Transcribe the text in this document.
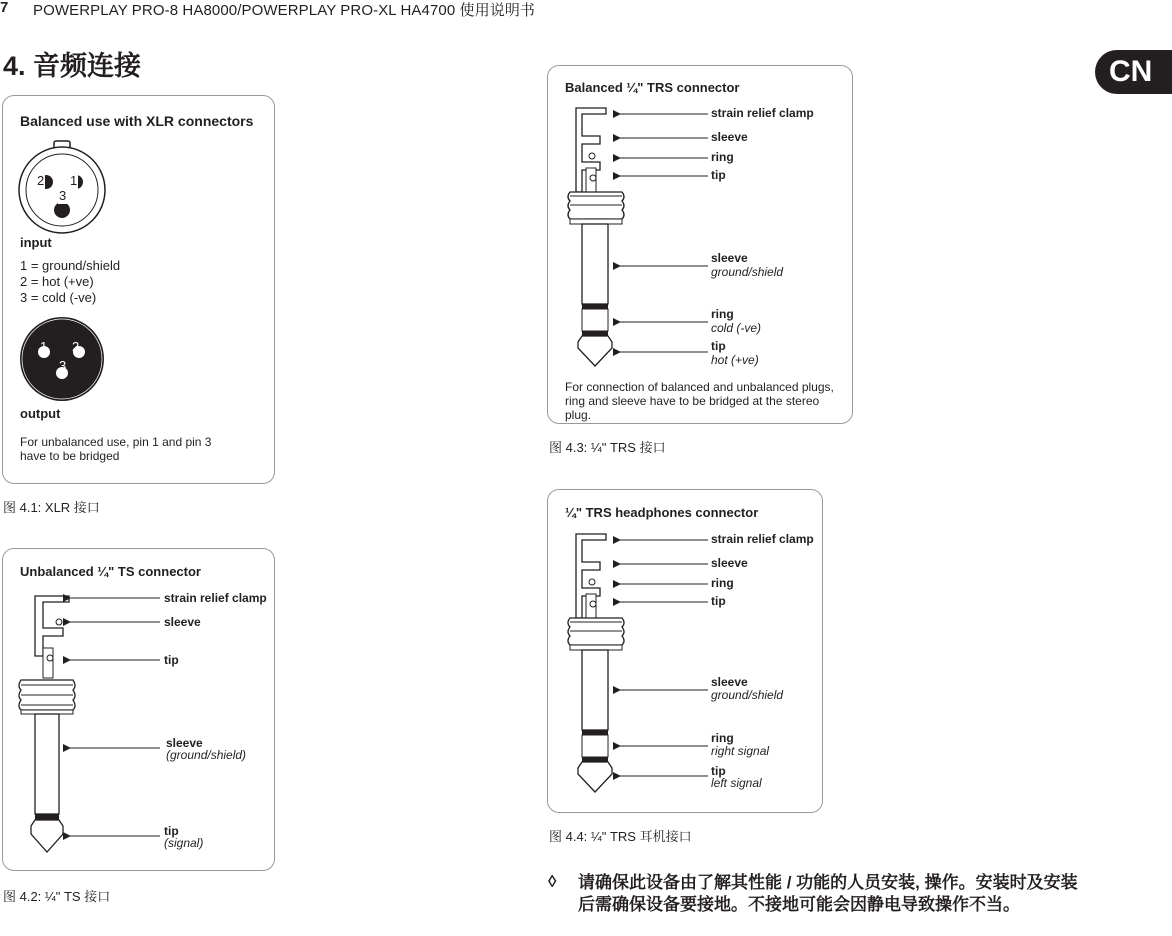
7 POWERPLAY PRO-8 HA8000/POWERPLAY PRO-XL HA4700 使用说明书
4. 音频连接	CN
Balanced use with XLR connectors
2 1
3
input
1 = ground/shield
2 = hot (+ve)
3 = cold (-ve)
1 2
3
output
For unbalanced use, pin 1 and pin 3 have to be bridged
图 4.1: XLR 接口
Unbalanced ¼" TS connector
strain relief clamp
sleeve
tip
sleeve
(ground/shield)
tip
(signal)
图 4.2: ¼" TS 接口
Balanced ¼" TRS connector
strain relief clamp
sleeve
ring
tip
sleeve
ground/shield
ring
cold (-ve)
tip
hot (+ve)
For connection of balanced and unbalanced plugs, ring and sleeve have to be bridged at the stereo plug.
图 4.3: ¼" TRS 接口
¼" TRS headphones connector
strain relief clamp
sleeve
ring
tip
sleeve
ground/shield
ring
right signal
tip
left signal
图 4.4: ¼" TRS 耳机接口
◊ 请确保此设备由了解其性能 / 功能的人员安装, 操作。安装时及安装后需确保设备要接地。不接地可能会因静电导致操作不当。
